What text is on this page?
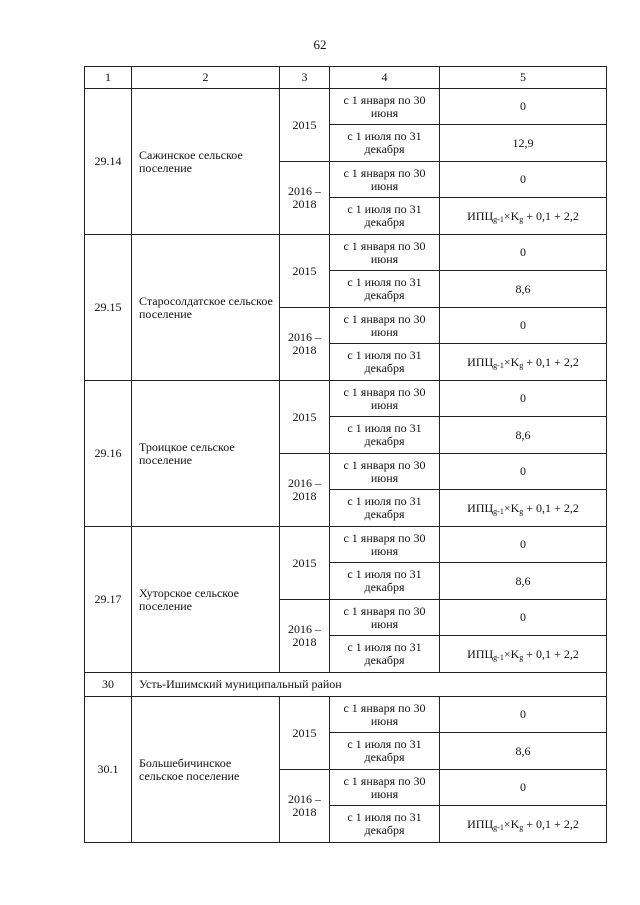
62
1	2	3	4	5
29.14	Сажинское сельское поселение	2015	с 1 января по 30 июня	0
			с 1 июля по 31 декабря	12,9
		2016 – 2018	с 1 января по 30 июня	0
			с 1 июля по 31 декабря	$ИПЦ_{g-1}\times K_g + 0,1 + 2,2$
29.15	Старосолдатское сельское поселение	2015	с 1 января по 30 июня	0
			с 1 июля по 31 декабря	8,6
		2016 – 2018	с 1 января по 30 июня	0
			с 1 июля по 31 декабря	$ИПЦ_{g-1}\times K_g + 0,1 + 2,2$
29.16	Троицкое сельское поселение	2015	с 1 января по 30 июня	0
			с 1 июля по 31 декабря	8,6
		2016 – 2018	с 1 января по 30 июня	0
			с 1 июля по 31 декабря	$ИПЦ_{g-1}\times K_g + 0,1 + 2,2$
29.17	Хуторское сельское поселение	2015	с 1 января по 30 июня	0
			с 1 июля по 31 декабря	8,6
		2016 – 2018	с 1 января по 30 июня	0
			с 1 июля по 31 декабря	$ИПЦ_{g-1}\times K_g + 0,1 + 2,2$
30	Усть-Ишимский муниципальный район			
30.1	Большебичинское сельское поселение	2015	с 1 января по 30 июня	0
			с 1 июля по 31 декабря	8,6
		2016 – 2018	с 1 января по 30 июня	0
			с 1 июля по 31 декабря	$ИПЦ_{g-1}\times K_g + 0,1 + 2,2$
